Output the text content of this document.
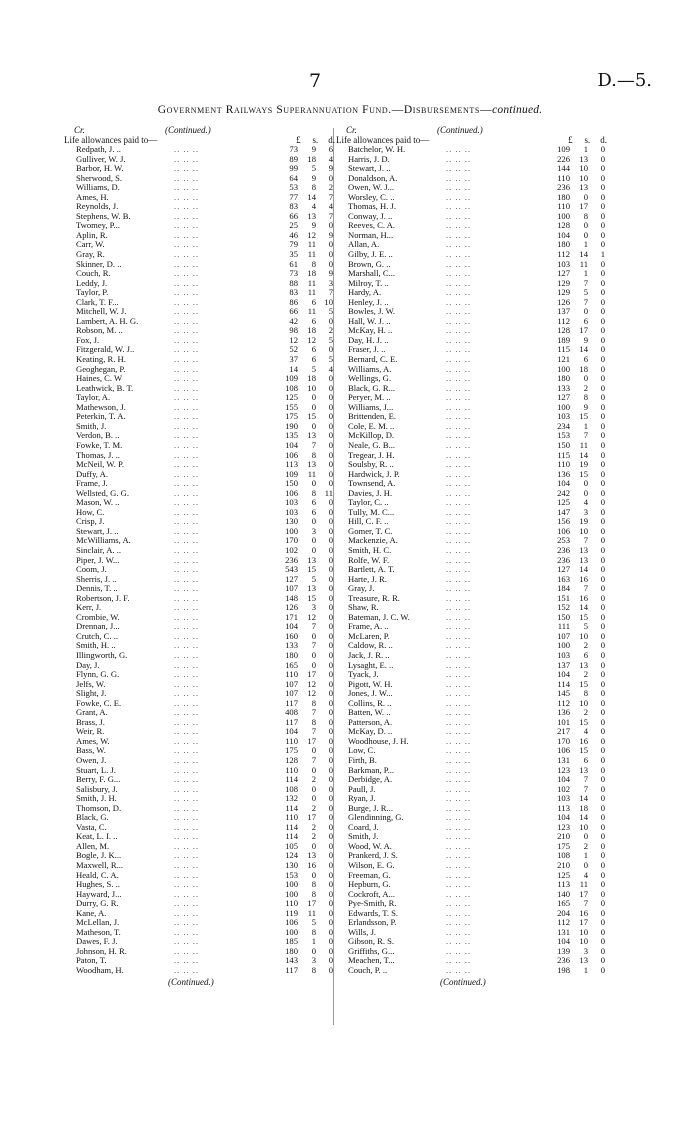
7	D.—5.
Government Railways Superannuation Fund.—Disbursements—continued.
Cr.	(Continued.)
Life allowances paid to—	£	s.	d.
Redpath, J. ..	.. .. ..	73	9	6
Gulliver, W. J.	.. .. ..	89	18	4
Barbor, H. W.	.. .. ..	99	5	9
Sherwood, S.	.. .. ..	64	9	0
Williams, D.	.. .. ..	53	8	2
Ames, H.	.. .. ..	77	14	7
Reynolds, J.	.. .. ..	83	4	4
Stephens, W. B.	.. .. ..	66	13	7
Twomey, P...	.. .. ..	25	9	0
Aplin, R.	.. .. ..	46	12	9
Carr, W.	.. .. ..	79	11	0
Gray, R.	.. .. ..	35	11	0
Skinner, D. ..	.. .. ..	61	8	0
Couch, R.	.. .. ..	73	18	9
Leddy, J.	.. .. ..	88	11	3
Taylor, P.	.. .. ..	83	11	7
Clark, T. F...	.. .. ..	86	6 10
Mitchell, W. J.	.. .. ..	66	11	5
Lambert, A. H. G.	.. .. ..	42	6	0
Robson, M. ..	.. .. ..	98	18	2
Fox, J.	.. .. ..	12	12	5
Fitzgerald, W. J..	.. .. ..	52	6	0
Keating, R. H.	.. .. ..	37	6	5
Geoghegan, P.	.. .. ..	14	5	4
Haines, C. W	.. .. ..	109	18	0
Leathwick, B. T.	.. .. ..	108	10	0
Taylor, A.	.. .. ..	125	0	0
Mathewson, J.	.. .. ..	155	0	0
Peterkin, T. A.	.. .. ..	175	15	0
Smith, J.	.. .. ..	190	0	0
Verdon, B. ..	.. .. ..	135	13	0
Fowke, T. M.	.. .. ..	104	7	0
Thomas, J. ..	.. .. ..	106	8	0
McNeil, W. P.	.. .. ..	113	13	0
Duffy, A.	.. .. ..	109	11	0
Frame, J.	.. .. ..	150	0	0
Wellsted, G. G.	.. .. ..	106	8	11
Mason, W. ..	.. .. ..	103	6	0
How, C.	.. .. ..	103	6	0
Crisp, J.	.. .. ..	130	0	0
Stewart, J. ..	.. .. ..	100	3	0
McWilliams, A.	.. .. ..	170	0	0
Sinclair, A. ..	.. .. ..	102	0	0
Piper, J. W...	.. .. ..	236	13	0
Coom, J.	.. .. ..	543	15	0
Sherris, J. ..	.. .. ..	127	5	0
Dennis, T. ..	.. .. ..	107	13	0
Robertson, J. F.	.. .. ..	148	15	0
Kerr, J.	.. .. ..	126	3	0
Crombie, W.	.. .. ..	171	12	0
Drennan, J...	.. .. ..	104	7	0
Crutch, C. ..	.. .. ..	160	0	0
Smith, H. ..	.. .. ..	133	7	0
Illingworth, G.	.. .. ..	180	0	0
Day, J.	.. .. ..	165	0	0
Flynn, G. G.	.. .. ..	110	17	0
Jelfs, W.	.. .. ..	107	12	0
Slight, J.	.. .. ..	107	12	0
Fowke, C. E.	.. .. ..	117	8	0
Grant, A.	.. .. ..	408	7	0
Brass, J.	.. .. ..	117	8	0
Weir, R.	.. .. ..	104	7	0
Ames, W.	.. .. ..	110	17	0
Bass, W.	.. .. ..	175	0	0
Owen, J.	.. .. ..	128	7	0
Stuart, L. J.	.. .. ..	110	0	0
Berry, F. G...	.. .. ..	114	2	0
Salisbury, J.	.. .. ..	108	0	0
Smith, J. H.	.. .. ..	132	0	0
Thomson, D.	.. .. ..	114	2	0
Black, G.	.. .. ..	110	17	0
Vasta, C.	.. .. ..	114	2	0
Keat, L. I. ..	.. .. ..	114	2	0
Allen, M.	.. .. ..	105	0	0
Bogle, J. K...	.. .. ..	124	13	0
Maxwell, R...	.. .. ..	130	16	0
Heald, C. A.	.. .. ..	153	0	0
Hughes, S. ..	.. .. ..	100	8	0
Hayward, J...	.. .. ..	100	8	0
Durry, G. R.	.. .. ..	110	17	0
Kane, A.	.. .. ..	119	11	0
McLellan, J.	.. .. ..	106	5	0
Matheson, T.	.. .. ..	100	8	0
Dawes, F. J.	.. .. ..	185	1	0
Johnson, H. R.	.. .. ..	180	0	0
Paton, T.	.. .. ..	143	3	0
Woodham, H.	.. .. ..	117	8	0
(Continued.)
Cr.	(Continued.)
Life allowances paid to—	£	s.	d.
Batchelor, W. H.	.. .. ..	109	1	0
Harris, J. D.	.. .. ..	226	13	0
Stewart, J. ..	.. .. ..	144	10	0
Donaldson, A.	.. .. ..	110	10	0
Owen, W. J...	.. .. ..	236	13	0
Worsley, C. ..	.. .. ..	180	0	0
Thomas, H. J.	.. .. ..	110	17	0
Conway, J. ..	.. .. ..	100	8	0
Reeves, C. A.	.. .. ..	128	0	0
Norman, H...	.. .. ..	104	0	0
Allan, A.	.. .. ..	180	1	0
Gilby, J. E. ..	.. .. ..	112	14	1
Brown, G. ..	.. .. ..	103	11	0
Marshall, C...	.. .. ..	127	1	0
Milroy, T. ..	.. .. ..	129	7	0
Hardy, A.	.. .. ..	129	5	0
Henley, J. ..	.. .. ..	126	7	0
Bowles, J. W.	.. .. ..	137	0	0
Hall, W. J. ..	.. .. ..	112	6	0
McKay, H. ..	.. .. ..	128	17	0
Day, H. J. ..	.. .. ..	189	9	0
Fraser, J. ..	.. .. ..	115	14	0
Bernard, C. E.	.. .. ..	121	6	0
Williams, A.	.. .. ..	100	18	0
Wellings, G.	.. .. ..	180	0	0
Black, G. R...	.. .. ..	133	2	0
Peryer, M. ..	.. .. ..	127	8	0
Williams, J...	.. .. ..	100	9	0
Brittenden, E.	.. .. ..	103	15	0
Cole, E. M. ..	.. .. ..	234	1	0
McKillop, D.	.. .. ..	153	7	0
Neale, G. B...	.. .. ..	150	11	0
Tregear, J. H.	.. .. ..	115	14	0
Soulsby, R. ..	.. .. ..	110	19	0
Hardwick, J. P.	.. .. ..	136	15	0
Townsend, A.	.. .. ..	104	0	0
Davies, J. H.	.. .. ..	242	0	0
Taylor, C. ..	.. .. ..	125	4	0
Tully, M. C...	.. .. ..	147	3	0
Hill, C. F. ..	.. .. ..	156	19	0
Gomer, T. C.	.. .. ..	106	10	0
Mackenzie, A.	.. .. ..	253	7	0
Smith, H. C.	.. .. ..	236	13	0
Rolfe, W. F.	.. .. ..	236	13	0
Bartlett, A. T.	.. .. ..	127	14	0
Harte, J. R.	.. .. ..	163	16	0
Gray, J.	.. .. ..	184	7	0
Treasure, R. R.	.. .. ..	151	16	0
Shaw, R.	.. .. ..	152	14	0
Bateman, J. C. W.	.. .. ..	150	15	0
Frame, A. ..	.. .. ..	111	5	0
McLaren, P.	.. .. ..	107	10	0
Caldow, R. ..	.. .. ..	100	2	0
Jack, J. R. ..	.. .. ..	103	6	0
Lysaght, E. ..	.. .. ..	137	13	0
Tyack, J.	.. .. ..	104	2	0
Pigott, W. H.	.. .. ..	114	15	0
Jones, J. W...	.. .. ..	145	8	0
Collins, R. ..	.. .. ..	112	10	0
Batten, W. ..	.. .. ..	136	2	0
Patterson, A.	.. .. ..	101	15	0
McKay, D. ..	.. .. ..	217	4	0
Woodhouse, J. H.	.. .. ..	170	16	0
Low, C.	.. .. ..	106	15	0
Firth, B.	.. .. ..	131	6	0
Barkman, P...	.. .. ..	123	13	0
Derbidge, A.	.. .. ..	104	7	0
Paull, J.	.. .. ..	102	7	0
Ryan, J.	.. .. ..	103	14	0
Burge, J. R...	.. .. ..	113	18	0
Glendinning, G.	.. .. ..	104	14	0
Coard, J.	.. .. ..	123	10	0
Smith, J.	.. .. ..	210	0	0
Wood, W. A.	.. .. ..	175	2	0
Prankerd, J. S.	.. .. ..	108	1	0
Wilson, E. G.	.. .. ..	210	0	0
Freeman, G.	.. .. ..	125	4	0
Hepburn, G.	.. .. ..	113	11	0
Cockroft, A...	.. .. ..	140	17	0
Pye-Smith, R.	.. .. ..	165	7	0
Edwards, T. S.	.. .. ..	204	16	0
Erlandsson, P.	.. .. ..	112	17	0
Wills, J.	.. .. ..	131	10	0
Gibson, R. S.	.. .. ..	104	10	0
Griffiths, G...	.. .. ..	139	3	0
Meachen, T...	.. .. ..	236	13	0
Couch, P. ..	.. .. ..	198	1	0
(Continued.)
